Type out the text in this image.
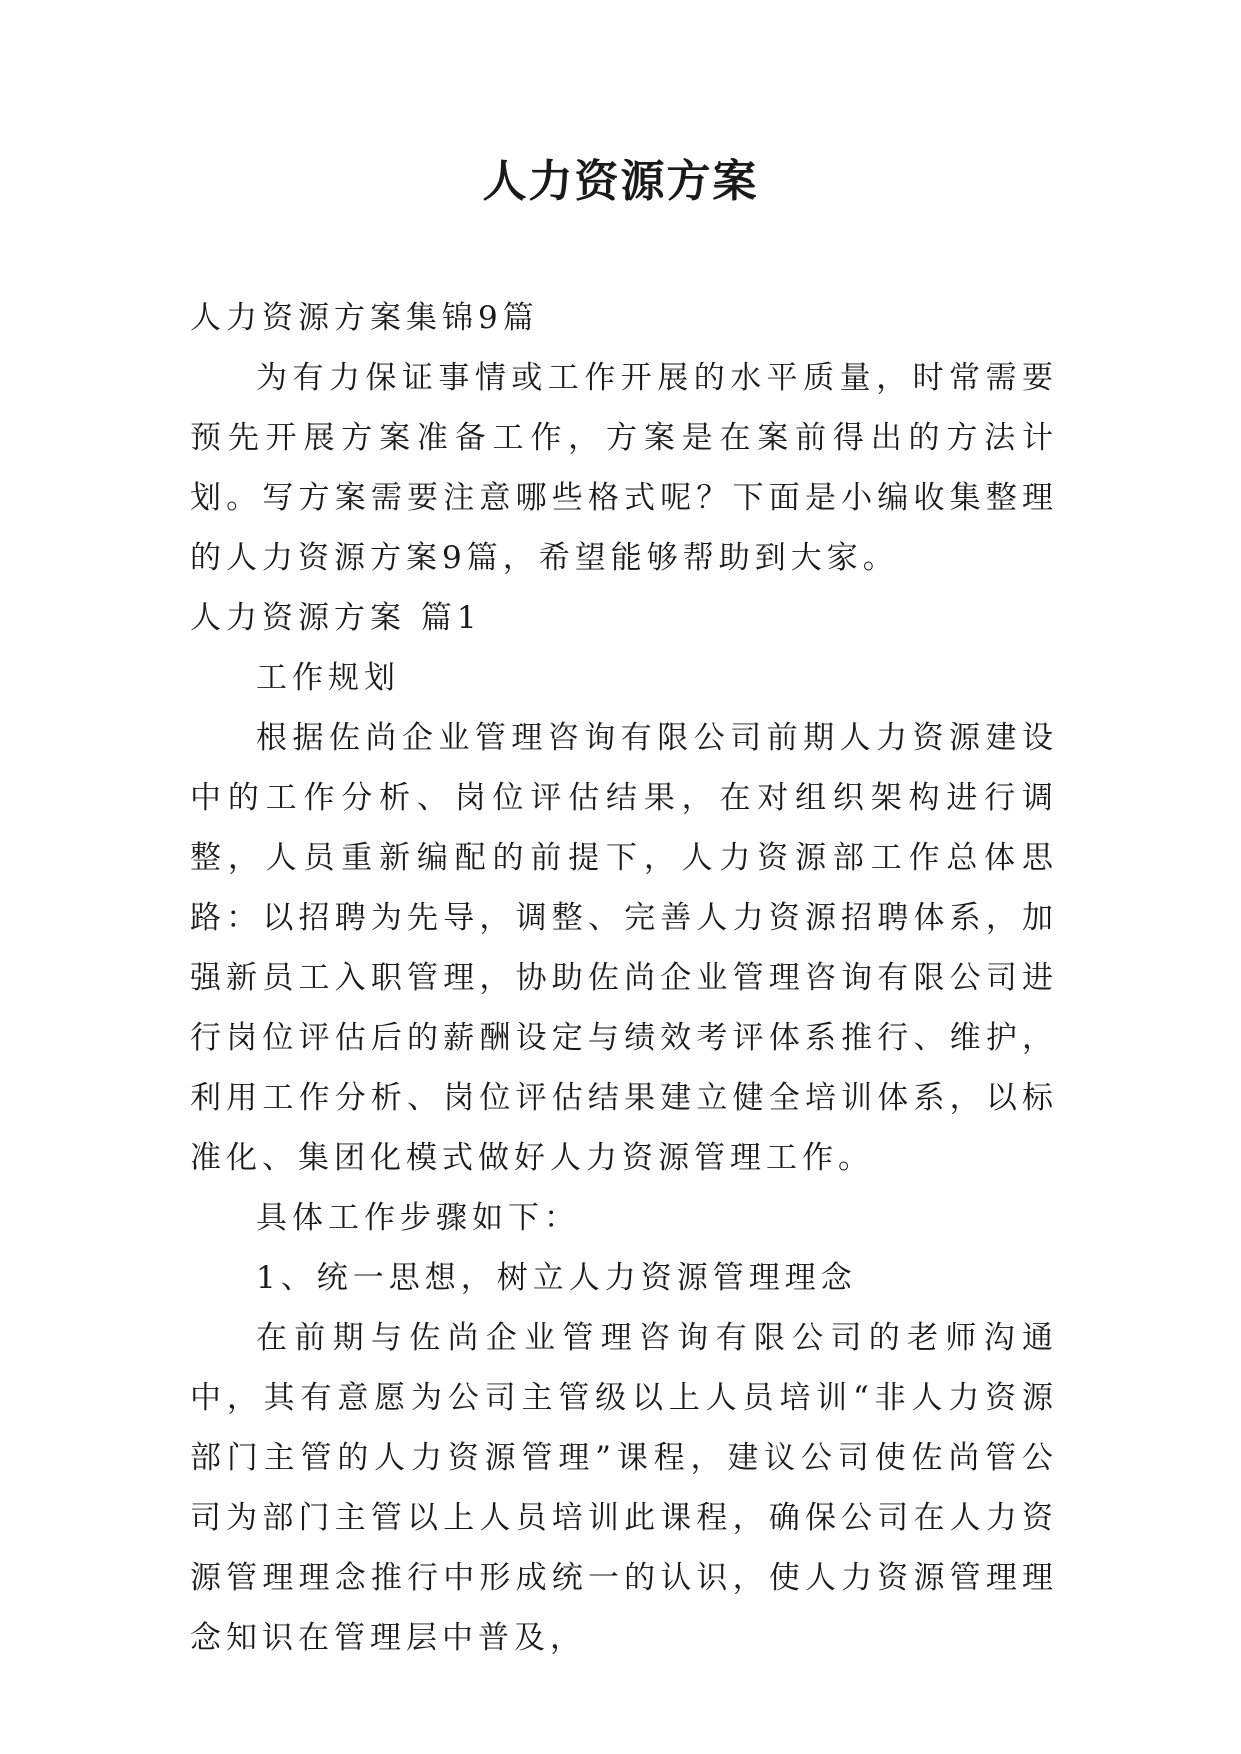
人力资源方案

人力资源方案集锦9篇

为有力保证事情或工作开展的水平质量，时常需要预先开展方案准备工作，方案是在案前得出的方法计划。写方案需要注意哪些格式呢？下面是小编收集整理的人力资源方案9篇，希望能够帮助到大家。

人力资源方案 篇1

工作规划

根据佐尚企业管理咨询有限公司前期人力资源建设中的工作分析、岗位评估结果，在对组织架构进行调整，人员重新编配的前提下，人力资源部工作总体思路：以招聘为先导，调整、完善人力资源招聘体系，加强新员工入职管理，协助佐尚企业管理咨询有限公司进行岗位评估后的薪酬设定与绩效考评体系推行、维护，利用工作分析、岗位评估结果建立健全培训体系，以标准化、集团化模式做好人力资源管理工作。

具体工作步骤如下：

1、统一思想，树立人力资源管理理念

在前期与佐尚企业管理咨询有限公司的老师沟通中，其有意愿为公司主管级以上人员培训“非人力资源部门主管的人力资源管理”课程，建议公司使佐尚管公司为部门主管以上人员培训此课程，确保公司在人力资源管理理念推行中形成统一的认识，使人力资源管理理念知识在管理层中普及，
